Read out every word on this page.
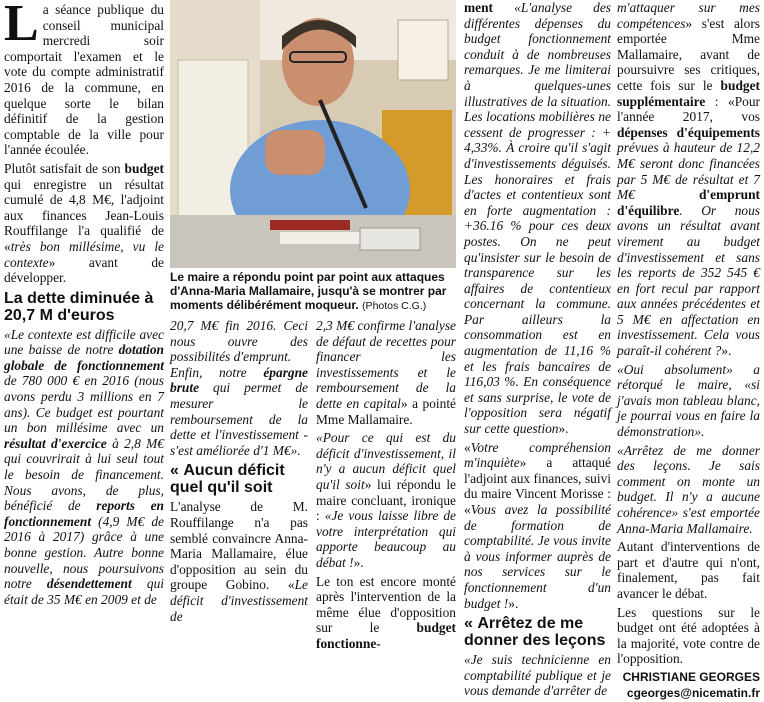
La séance publique du conseil municipal mercredi soir comportait l'examen et le vote du compte administratif 2016 de la commune, en quelque sorte le bilan définitif de la gestion comptable de la ville pour l'année écoulée.

Plutôt satisfait de son budget qui enregistre un résultat cumulé de 4,8 M€, l'adjoint aux finances Jean-Louis Rouffilange l'a qualifié de «très bon millésime, vu le contexte» avant de développer.

La dette diminuée à 20,7 M d'euros

«Le contexte est difficile avec une baisse de notre dotation globale de fonctionnement de 780 000 € en 2016 (nous avons perdu 3 millions en 7 ans). Ce budget est pourtant un bon millésime avec un résultat d'exercice à 2,8 M€ qui couvrirait à lui seul tout le besoin de financement. Nous avons, de plus, bénéficié de reports en fonctionnement (4,9 M€ de 2016 à 2017) grâce à une bonne gestion. Autre bonne nouvelle, nous poursuivons notre désendettement qui était de 35 M€ en 2009 et de

Le maire a répondu point par point aux attaques d'Anna-Maria Mallamaire, jusqu'à se montrer par moments délibérément moqueur. (Photos C.G.)

20,7 M€ fin 2016. Ceci nous ouvre des possibilités d'emprunt.
Enfin, notre épargne brute qui permet de mesurer le remboursement de la dette et l'investissement - s'est améliorée d'1 M€».

« Aucun déficit quel qu'il soit

L'analyse de M. Rouffilange n'a pas semblé convaincre Anna-Maria Mallamaire, élue d'opposition au sein du groupe Gobino. «Le déficit d'investissement de

2,3 M€ confirme l'analyse de défaut de recettes pour financer les investissements et le remboursement de la dette en capital» a pointé Mme Mallamaire.

«Pour ce qui est du déficit d'investissement, il n'y a aucun déficit quel qu'il soit» lui répondu le maire concluant, ironique : «Je vous laisse libre de votre interprétation qui apporte beaucoup au débat !».

Le ton est encore monté après l'intervention de la même élue d'opposition sur le budget fonctionne-

ment «L'analyse des différentes dépenses du budget fonctionnement conduit à de nombreuses remarques. Je me limiterai à quelques-unes illustratives de la situation. Les locations mobilières ne cessent de progresser : + 4,33%. À croire qu'il s'agit d'investissements déguisés. Les honoraires et frais d'actes et contentieux sont en forte augmentation : +36.16 % pour ces deux postes. On ne peut qu'insister sur le besoin de transparence sur les affaires de contentieux concernant la commune. Par ailleurs la consommation est en augmentation de 11,16 % et les frais bancaires de 116,03 %. En conséquence et sans surprise, le vote de l'opposition sera négatif sur cette question».

«Votre compréhension m'inquiète» a attaqué l'adjoint aux finances, suivi du maire Vincent Morisse : «Vous avez la possibilité de formation de comptabilité. Je vous invite à vous informer auprès de nos services sur le fonctionnement d'un budget !».

« Arrêtez de me donner des leçons

«Je suis technicienne en comptabilité publique et je vous demande d'arrêter de

m'attaquer sur mes compétences» s'est alors emportée Mme Mallamaire, avant de poursuivre ses critiques, cette fois sur le budget supplémentaire : «Pour l'année 2017, vos dépenses d'équipements prévues à hauteur de 12,2 M€ seront donc financées par 5 M€ de résultat et 7 M€ d'emprunt d'équilibre. Or nous avons un résultat avant virement au budget d'investissement et sans les reports de 352 545 € en fort recul par rapport aux années précédentes et 5 M€ en affectation en investissement. Cela vous paraît-il cohérent ?».

«Oui absolument» a rétorqué le maire, «si j'avais mon tableau blanc, je pourrai vous en faire la démonstration».

«Arrêtez de me donner des leçons. Je sais comment on monte un budget. Il n'y a aucune cohérence» s'est emportée Anna-Maria Mallamaire.

Autant d'interventions de part et d'autre qui n'ont, finalement, pas fait avancer le débat.

Les questions sur le budget ont été adoptées à la majorité, vote contre de l'opposition.

CHRISTIANE GEORGES
cgeorges@nicematin.fr
